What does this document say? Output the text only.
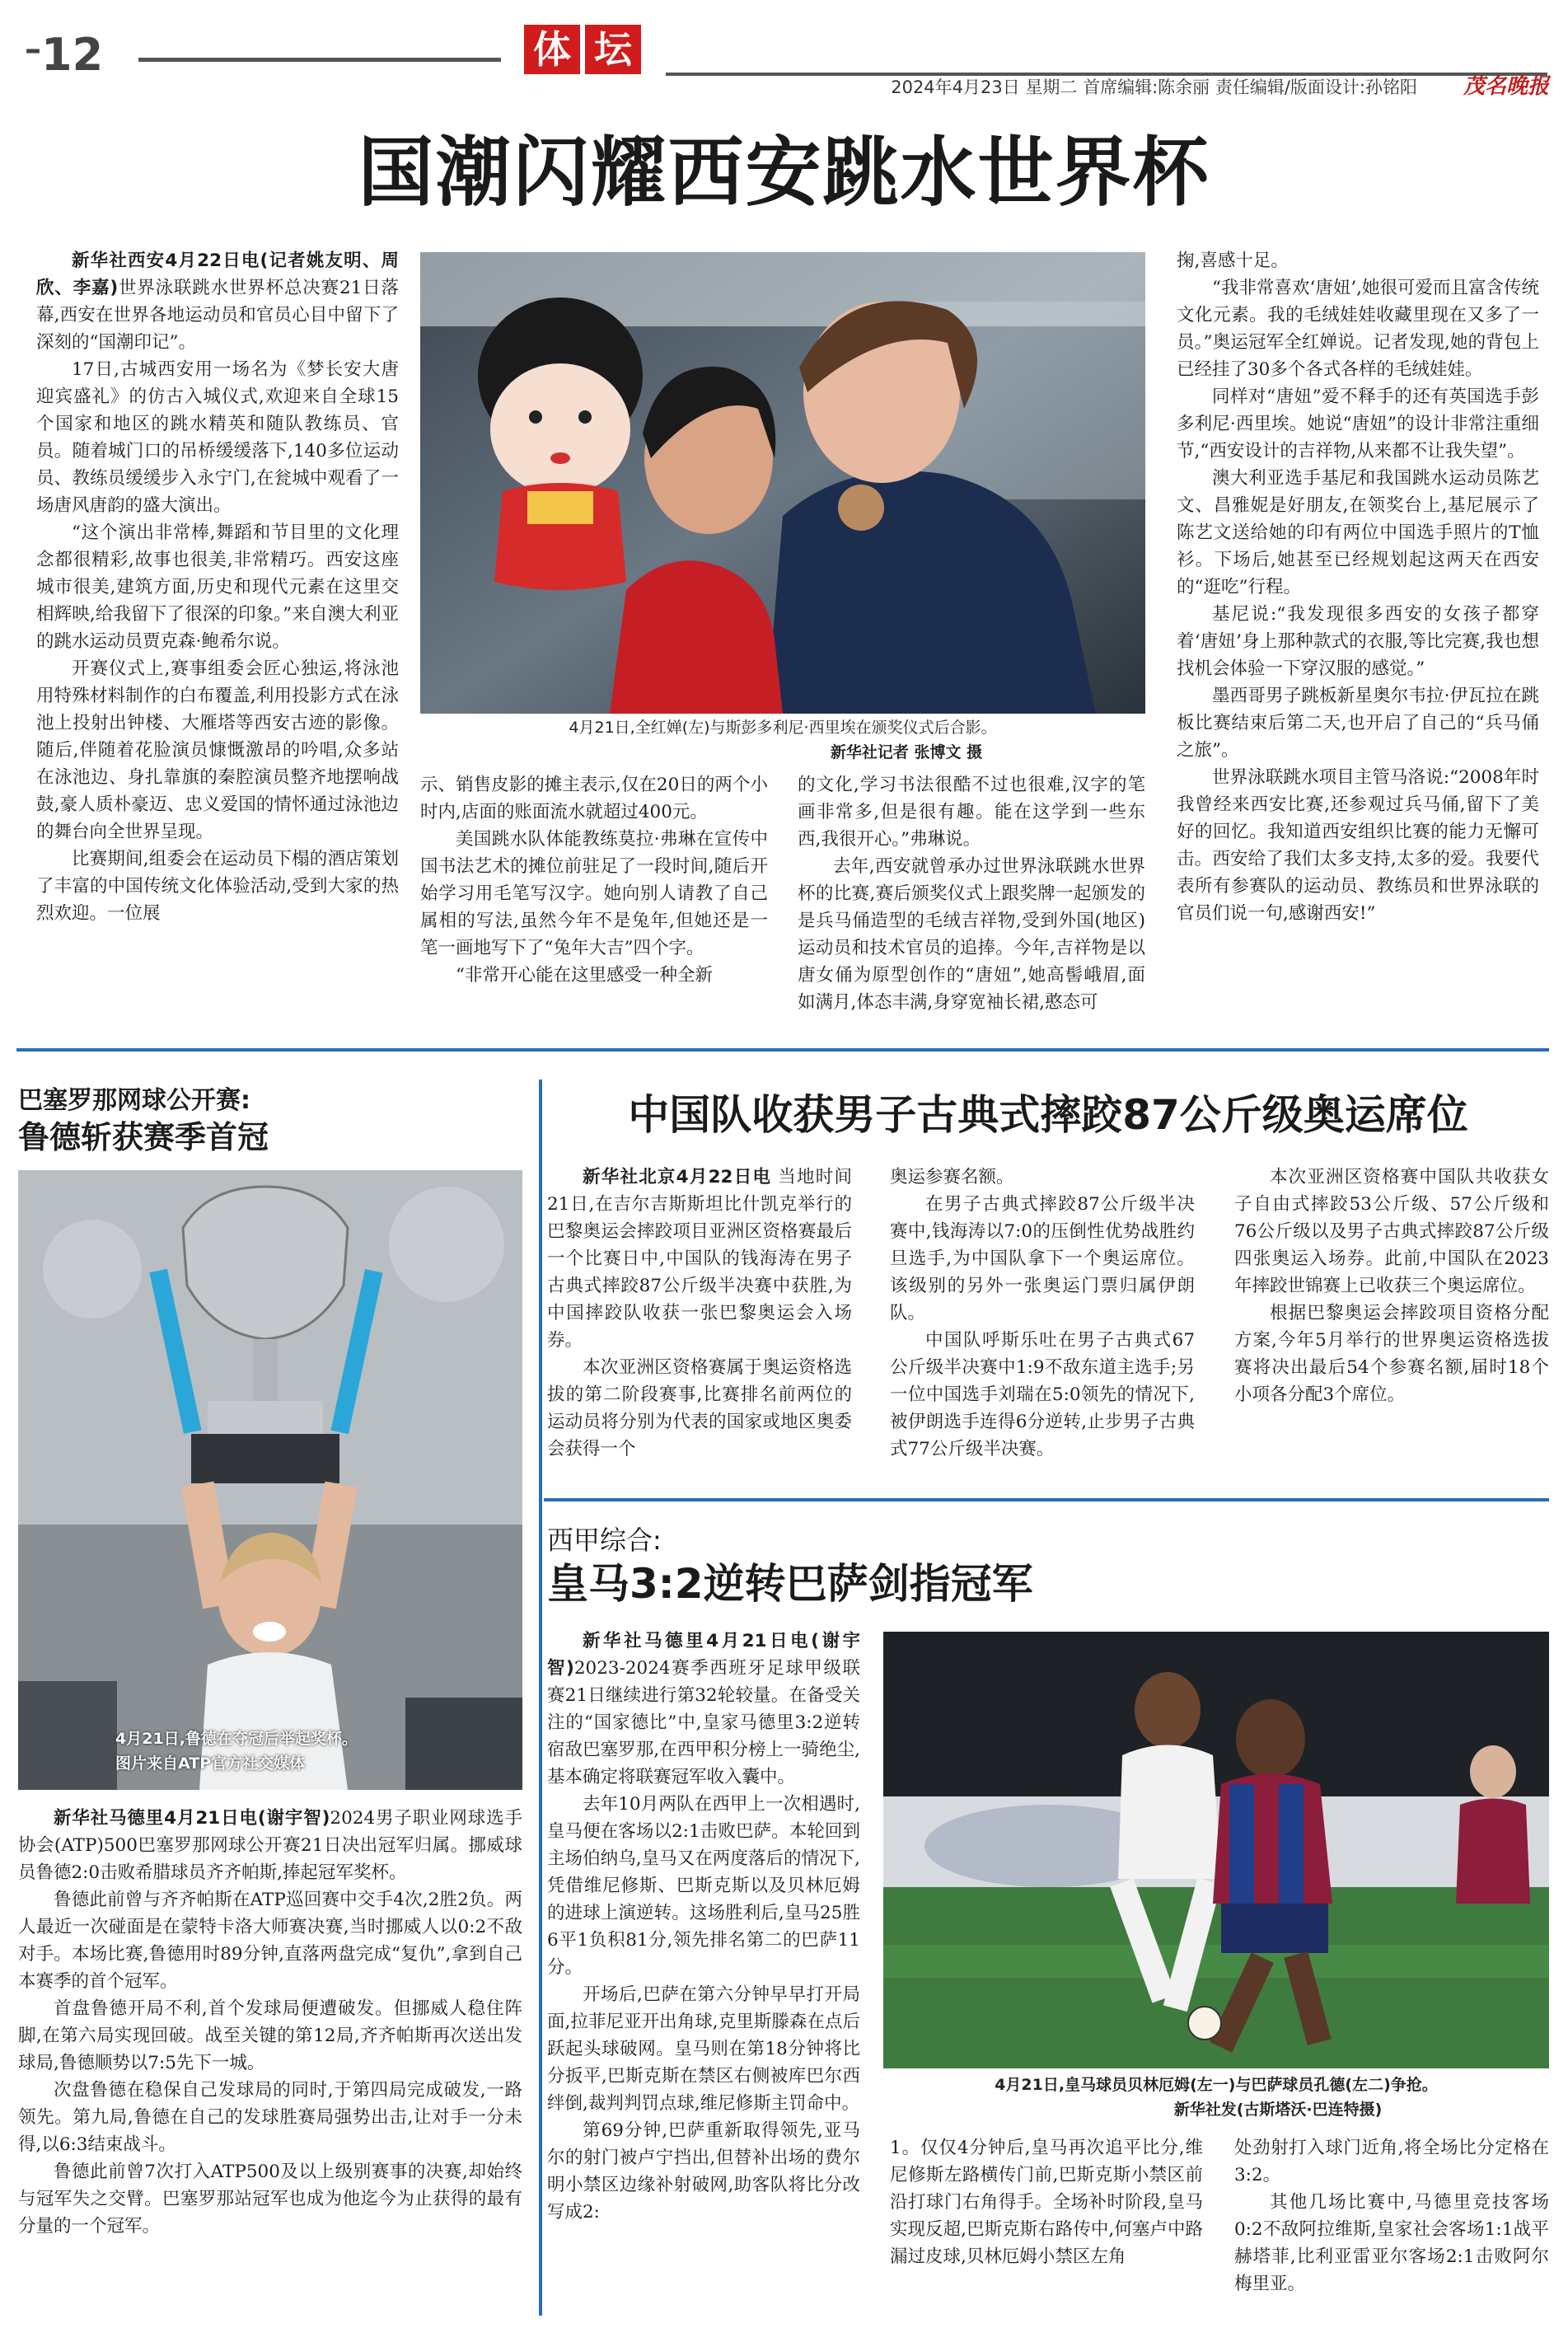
–12	体 坛
2024年4月23日 星期二 首席编辑:陈余丽 责任编辑/版面设计:孙铭阳	茂名晚报
国潮闪耀西安跳水世界杯

新华社西安4月22日电(记者姚友明、周欣、李嘉)世界泳联跳水世界杯总决赛21日落幕,西安在世界各地运动员和官员心目中留下了深刻的“国潮印记”。

17日,古城西安用一场名为《梦长安大唐迎宾盛礼》的仿古入城仪式,欢迎来自全球15个国家和地区的跳水精英和随队教练员、官员。随着城门口的吊桥缓缓落下,140多位运动员、教练员缓缓步入永宁门,在瓮城中观看了一场唐风唐韵的盛大演出。

“这个演出非常棒,舞蹈和节目里的文化理念都很精彩,故事也很美,非常精巧。西安这座城市很美,建筑方面,历史和现代元素在这里交相辉映,给我留下了很深的印象。”来自澳大利亚的跳水运动员贾克森·鲍希尔说。

开赛仪式上,赛事组委会匠心独运,将泳池用特殊材料制作的白布覆盖,利用投影方式在泳池上投射出钟楼、大雁塔等西安古迹的影像。随后,伴随着花脸演员慷慨激昂的吟唱,众多站在泳池边、身扎靠旗的秦腔演员整齐地摆响战鼓,豪人质朴豪迈、忠义爱国的情怀通过泳池边的舞台向全世界呈现。

比赛期间,组委会在运动员下榻的酒店策划了丰富的中国传统文化体验活动,受到大家的热烈欢迎。一位展

4月21日,全红婵(左)与斯彭多利尼·西里埃在颁奖仪式后合影。
新华社记者 张博文 摄

示、销售皮影的摊主表示,仅在20日的两个小时内,店面的账面流水就超过400元。

美国跳水队体能教练莫拉·弗琳在宣传中国书法艺术的摊位前驻足了一段时间,随后开始学习用毛笔写汉字。她向别人请教了自己属相的写法,虽然今年不是兔年,但她还是一笔一画地写下了“兔年大吉”四个字。

“非常开心能在这里感受一种全新

的文化,学习书法很酷不过也很难,汉字的笔画非常多,但是很有趣。能在这学到一些东西,我很开心。”弗琳说。

去年,西安就曾承办过世界泳联跳水世界杯的比赛,赛后颁奖仪式上跟奖牌一起颁发的是兵马俑造型的毛绒吉祥物,受到外国(地区)运动员和技术官员的追捧。今年,吉祥物是以唐女俑为原型创作的“唐妞”,她高髻峨眉,面如满月,体态丰满,身穿宽袖长裙,憨态可

掬,喜感十足。

“我非常喜欢‘唐妞’,她很可爱而且富含传统文化元素。我的毛绒娃娃收藏里现在又多了一员。”奥运冠军全红婵说。记者发现,她的背包上已经挂了30多个各式各样的毛绒娃娃。

同样对“唐妞”爱不释手的还有英国选手彭多利尼·西里埃。她说“唐妞”的设计非常注重细节,“西安设计的吉祥物,从来都不让我失望”。

澳大利亚选手基尼和我国跳水运动员陈艺文、昌雅妮是好朋友,在领奖台上,基尼展示了陈艺文送给她的印有两位中国选手照片的T恤衫。下场后,她甚至已经规划起这两天在西安的“逛吃”行程。

基尼说:“我发现很多西安的女孩子都穿着‘唐妞’身上那种款式的衣服,等比完赛,我也想找机会体验一下穿汉服的感觉。”

墨西哥男子跳板新星奥尔韦拉·伊瓦拉在跳板比赛结束后第二天,也开启了自己的“兵马俑之旅”。

世界泳联跳水项目主管马洛说:“2008年时我曾经来西安比赛,还参观过兵马俑,留下了美好的回忆。我知道西安组织比赛的能力无懈可击。西安给了我们太多支持,太多的爱。我要代表所有参赛队的运动员、教练员和世界泳联的官员们说一句,感谢西安!”

巴塞罗那网球公开赛:
鲁德斩获赛季首冠
4月21日,鲁德在夺冠后举起奖杯。
图片来自ATP官方社交媒体

新华社马德里4月21日电(谢宇智)2024男子职业网球选手协会(ATP)500巴塞罗那网球公开赛21日决出冠军归属。挪威球员鲁德2:0击败希腊球员齐齐帕斯,捧起冠军奖杯。

鲁德此前曾与齐齐帕斯在ATP巡回赛中交手4次,2胜2负。两人最近一次碰面是在蒙特卡洛大师赛决赛,当时挪威人以0:2不敌对手。本场比赛,鲁德用时89分钟,直落两盘完成“复仇”,拿到自己本赛季的首个冠军。

首盘鲁德开局不利,首个发球局便遭破发。但挪威人稳住阵脚,在第六局实现回破。战至关键的第12局,齐齐帕斯再次送出发球局,鲁德顺势以7:5先下一城。

次盘鲁德在稳保自己发球局的同时,于第四局完成破发,一路领先。第九局,鲁德在自己的发球胜赛局强势出击,让对手一分未得,以6:3结束战斗。

鲁德此前曾7次打入ATP500及以上级别赛事的决赛,却始终与冠军失之交臂。巴塞罗那站冠军也成为他迄今为止获得的最有分量的一个冠军。

中国队收获男子古典式摔跤87公斤级奥运席位

新华社北京4月22日电 当地时间21日,在吉尔吉斯斯坦比什凯克举行的巴黎奥运会摔跤项目亚洲区资格赛最后一个比赛日中,中国队的钱海涛在男子古典式摔跤87公斤级半决赛中获胜,为中国摔跤队收获一张巴黎奥运会入场券。

本次亚洲区资格赛属于奥运资格选拔的第二阶段赛事,比赛排名前两位的运动员将分别为代表的国家或地区奥委会获得一个

奥运参赛名额。

在男子古典式摔跤87公斤级半决赛中,钱海涛以7:0的压倒性优势战胜约旦选手,为中国队拿下一个奥运席位。该级别的另外一张奥运门票归属伊朗队。

中国队呼斯乐吐在男子古典式67公斤级半决赛中1:9不敌东道主选手;另一位中国选手刘瑞在5:0领先的情况下,被伊朗选手连得6分逆转,止步男子古典式77公斤级半决赛。

本次亚洲区资格赛中国队共收获女子自由式摔跤53公斤级、57公斤级和76公斤级以及男子古典式摔跤87公斤级四张奥运入场券。此前,中国队在2023年摔跤世锦赛上已收获三个奥运席位。

根据巴黎奥运会摔跤项目资格分配方案,今年5月举行的世界奥运资格选拔赛将决出最后54个参赛名额,届时18个小项各分配3个席位。

西甲综合:
皇马3:2逆转巴萨剑指冠军

新华社马德里4月21日电(谢宇智)2023-2024赛季西班牙足球甲级联赛21日继续进行第32轮较量。在备受关注的“国家德比”中,皇家马德里3:2逆转宿敌巴塞罗那,在西甲积分榜上一骑绝尘,基本确定将联赛冠军收入囊中。

去年10月两队在西甲上一次相遇时,皇马便在客场以2:1击败巴萨。本轮回到主场伯纳乌,皇马又在两度落后的情况下,凭借维尼修斯、巴斯克斯以及贝林厄姆的进球上演逆转。这场胜利后,皇马25胜6平1负积81分,领先排名第二的巴萨11分。

开场后,巴萨在第六分钟早早打开局面,拉菲尼亚开出角球,克里斯滕森在点后跃起头球破网。皇马则在第18分钟将比分扳平,巴斯克斯在禁区右侧被库巴尔西绊倒,裁判判罚点球,维尼修斯主罚命中。

第69分钟,巴萨重新取得领先,亚马尔的射门被卢宁挡出,但替补出场的费尔明小禁区边缘补射破网,助客队将比分改写成2:

4月21日,皇马球员贝林厄姆(左一)与巴萨球员孔德(左二)争抢。
新华社发(古斯塔沃·巴连特摄)

1。仅仅4分钟后,皇马再次追平比分,维尼修斯左路横传门前,巴斯克斯小禁区前沿打球门右角得手。全场补时阶段,皇马实现反超,巴斯克斯右路传中,何塞卢中路漏过皮球,贝林厄姆小禁区左角

处劲射打入球门近角,将全场比分定格在3:2。

其他几场比赛中,马德里竞技客场0:2不敌阿拉维斯,皇家社会客场1:1战平赫塔菲,比利亚雷亚尔客场2:1击败阿尔梅里亚。
